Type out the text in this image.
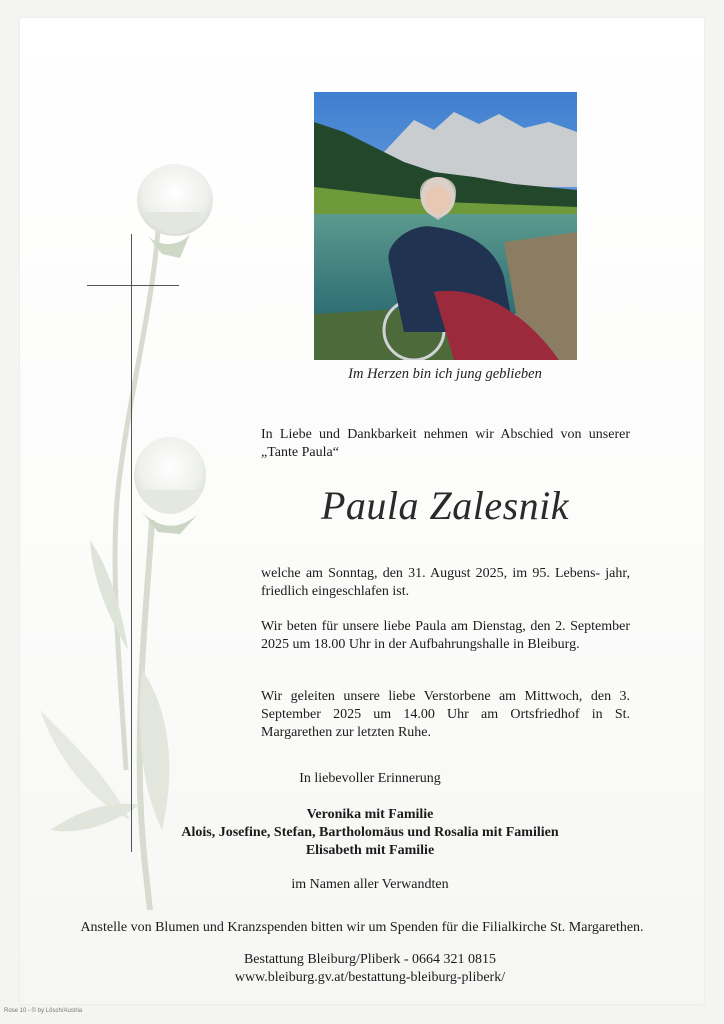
Im Herzen bin ich jung geblieben
In Liebe und Dankbarkeit nehmen wir Abschied von unserer „Tante Paula“
Paula Zalesnik
welche am Sonntag, den 31. August 2025, im 95. Lebens- jahr, friedlich eingeschlafen ist.
Wir beten für unsere liebe Paula am Dienstag, den 2. September 2025 um 18.00 Uhr in der Aufbahrungshalle in Bleiburg.
Wir geleiten unsere liebe Verstorbene am Mittwoch, den 3. September 2025 um 14.00 Uhr am Ortsfriedhof in St. Margarethen zur letzten Ruhe.
In liebevoller Erinnerung
Veronika mit Familie
Alois, Josefine, Stefan, Bartholomäus und Rosalia mit Familien
Elisabeth mit Familie
im Namen aller Verwandten
Anstelle von Blumen und Kranzspenden bitten wir um Spenden für die Filialkirche St. Margarethen.
Bestattung Bleiburg/Pliberk - 0664 321 0815
www.bleiburg.gv.at/bestattung-bleiburg-pliberk/
Rose 10 - © by Lösch/Austria
